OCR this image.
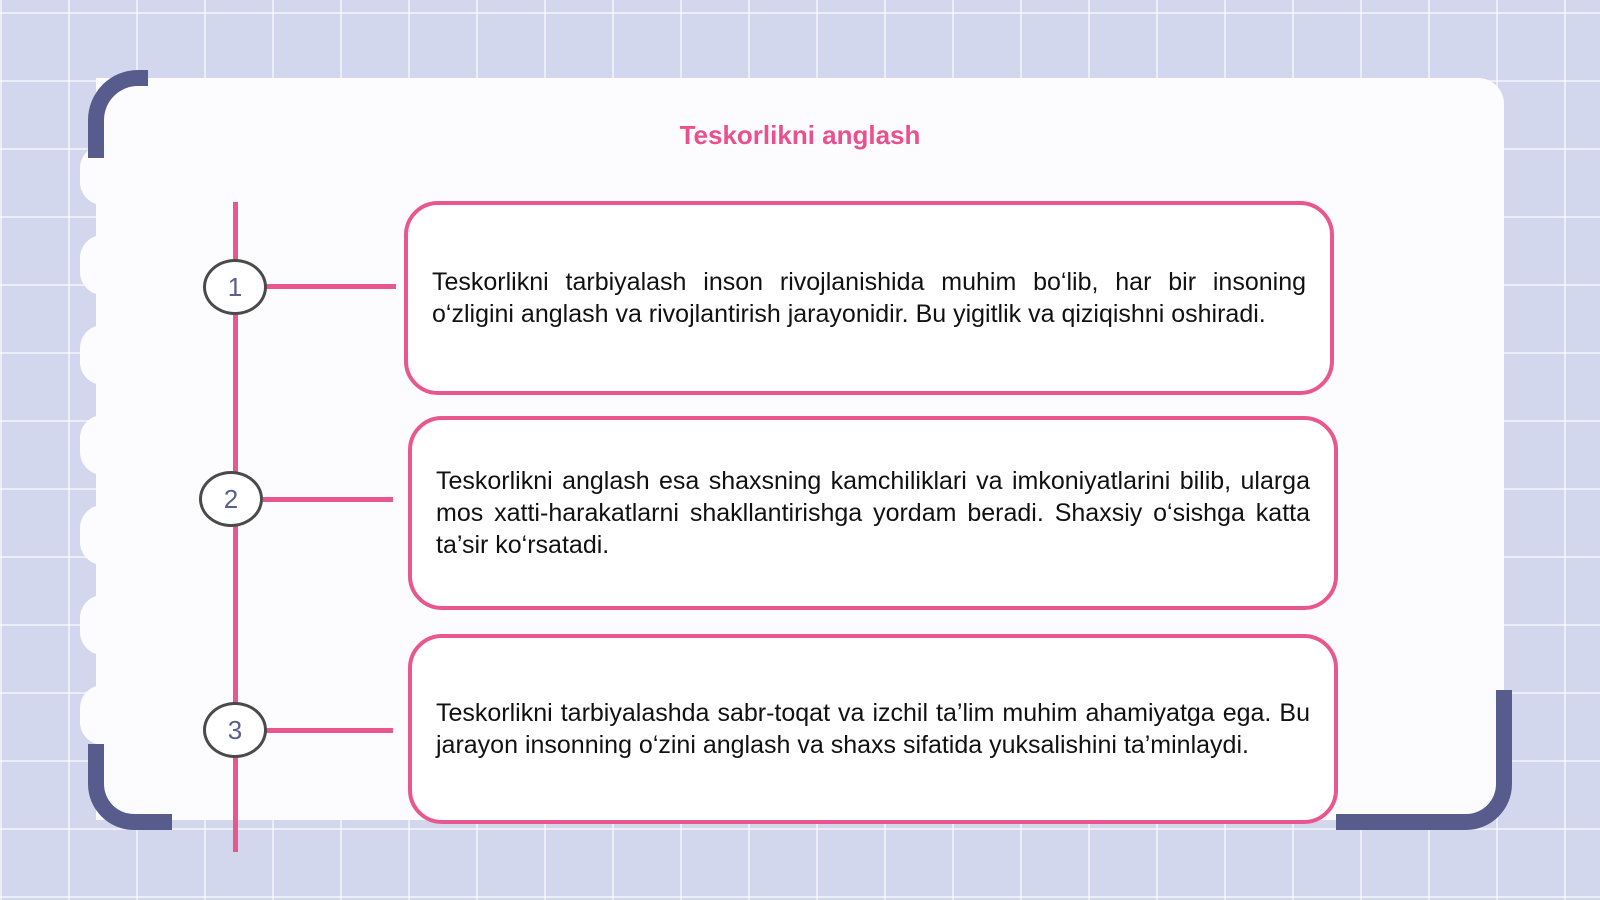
Teskorlikni anglash
1	Teskorlikni tarbiyalash inson rivojlanishida muhim bo‘lib, har bir insoning o‘zligini anglash va rivojlantirish jarayonidir. Bu yigitlik va qiziqishni oshiradi.
2
Teskorlikni anglash esa shaxsning kamchiliklari va imkoniyatlarini bilib, ularga mos xatti-harakatlarni shakllantirishga yordam beradi. Shaxsiy o‘sishga katta ta’sir ko‘rsatadi.
3
Teskorlikni tarbiyalashda sabr-toqat va izchil ta’lim muhim ahamiyatga ega. Bu jarayon insonning o‘zini anglash va shaxs sifatida yuksalishini ta’minlaydi.
